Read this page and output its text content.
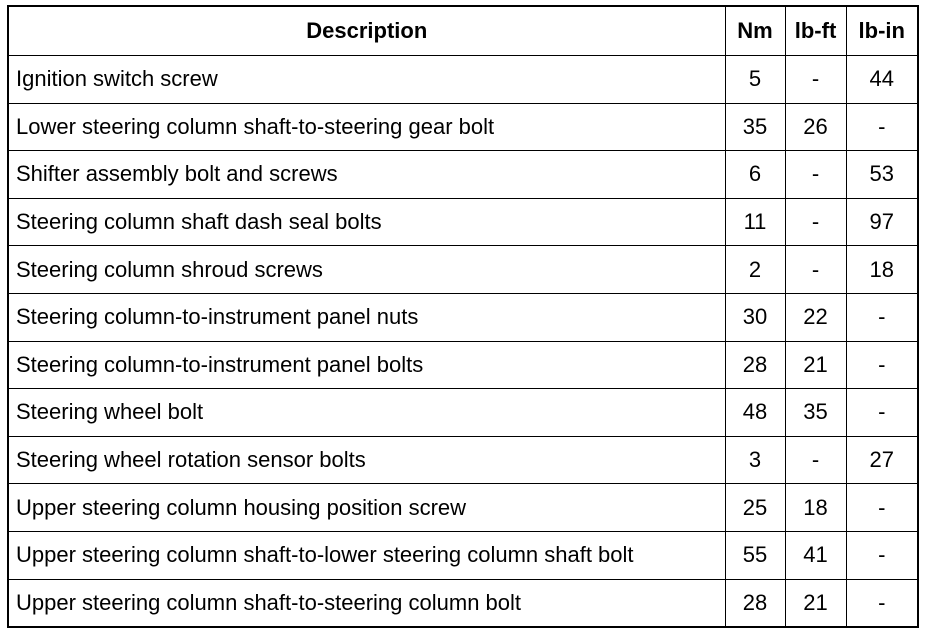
Description	Nm	lb-ft	lb-in
Ignition switch screw	5	-	44
Lower steering column shaft-to-steering gear bolt	35	26	-
Shifter assembly bolt and screws	6	-	53
Steering column shaft dash seal bolts	11	-	97
Steering column shroud screws	2	-	18
Steering column-to-instrument panel nuts	30	22	-
Steering column-to-instrument panel bolts	28	21	-
Steering wheel bolt	48	35	-
Steering wheel rotation sensor bolts	3	-	27
Upper steering column housing position screw	25	18	-
Upper steering column shaft-to-lower steering column shaft bolt	55	41	-
Upper steering column shaft-to-steering column bolt	28	21	-
